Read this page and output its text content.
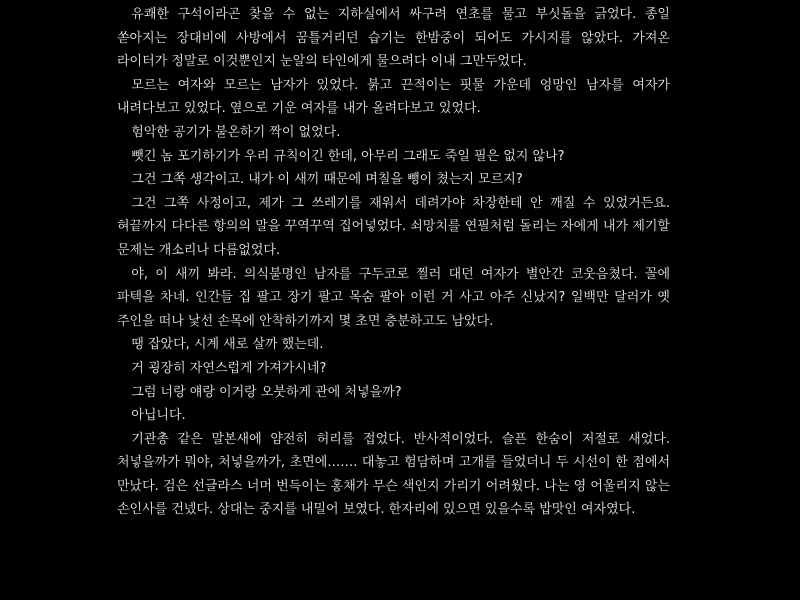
유쾌한 구석이라곤 찾을 수 없는 지하실에서 싸구려 연초를 물고 부싯돌을 긁었다. 종일 쏟아지는 장대비에 사방에서 꿈틀거리던 습기는 한밤중이 되어도 가시지를 않았다. 가져온 라이터가 정말로 이것뿐인지 눈알의 타인에게 물으려다 이내 그만두었다.

모르는 여자와 모르는 남자가 있었다. 붉고 끈적이는 핏물 가운데 엉망인 남자를 여자가 내려다보고 있었다. 옆으로 기운 여자를 내가 올려다보고 있었다.

험악한 공기가 불온하기 짝이 없었다.

뺏긴 놈 포기하기가 우리 규칙이긴 한데, 아무리 그래도 죽일 필은 없지 않나?

그건 그쪽 생각이고. 내가 이 새끼 때문에 며칠을 뺑이 쳤는지 모르지?

그건 그쪽 사정이고, 제가 그 쓰레기를 재워서 데려가야 차장한테 안 깨질 수 있었거든요. 혀끝까지 다다른 항의의 말을 꾸역꾸역 집어넣었다. 쇠망치를 연필처럼 돌리는 자에게 내가 제기할 문제는 개소리나 다름없었다.

야, 이 새끼 봐라. 의식불명인 남자를 구두코로 찔러 대던 여자가 별안간 코웃음쳤다. 꼴에 파텍을 차네. 인간들 집 팔고 장기 팔고 목숨 팔아 이런 거 사고 아주 신났지? 일백만 달러가 옛 주인을 떠나 낯선 손목에 안착하기까지 몇 초면 충분하고도 남았다.

땡 잡았다, 시계 새로 살까 했는데.

거 굉장히 자연스럽게 가져가시네?

그럼 너랑 얘랑 이거랑 오붓하게 관에 처넣을까?

아닙니다.

기관총 같은 말본새에 얌전히 허리를 접었다. 반사적이었다. 슬픈 한숨이 저절로 새었다. 처넣을까가 뭐야, 처넣을까가, 초면에……. 대놓고 험담하며 고개를 들었더니 두 시선이 한 점에서 만났다. 검은 선글라스 너머 번득이는 홍채가 무슨 색인지 가리기 어려웠다. 나는 영 어울리지 않는 손인사를 건넸다. 상대는 중지를 내밀어 보였다. 한자리에 있으면 있을수록 밥맛인 여자였다.
